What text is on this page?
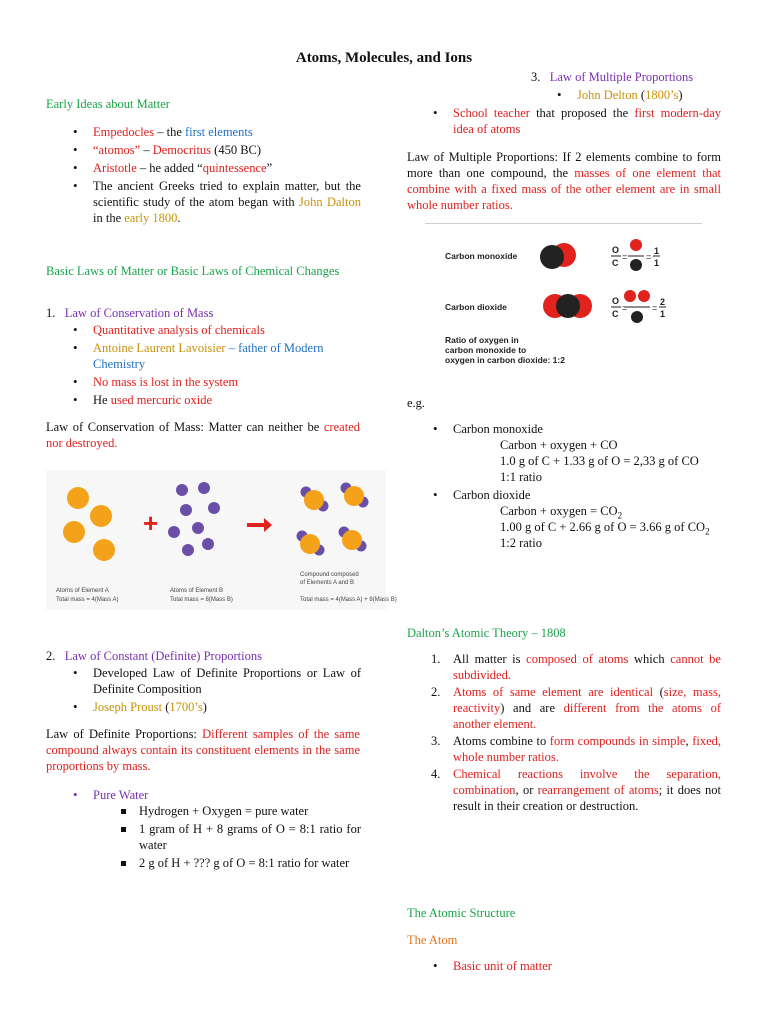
Atoms, Molecules, and Ions
Early Ideas about Matter
• Empedocles – the first elements
• “atomos” – Democritus (450 BC)
• Aristotle – he added “quintessence”
• The ancient Greeks tried to explain matter, but the scientific study of the atom began with John Dalton in the early 1800.
Basic Laws of Matter or Basic Laws of Chemical Changes
1. Law of Conservation of Mass
• Quantitative analysis of chemicals
• Antoine Laurent Lavoisier – father of Modern Chemistry
• No mass is lost in the system
• He used mercuric oxide
Law of Conservation of Mass: Matter can neither be created nor destroyed.
+
Atoms of Element A
Total mass = 4(Mass A)
Atoms of Element B
Total mass = 8(Mass B)
Compound composed
of Elements A and B
Total mass = 4(Mass A) + 8(Mass B)
2. Law of Constant (Definite) Proportions
• Developed Law of Definite Proportions or Law of Definite Composition
• Joseph Proust (1700’s)
Law of Definite Proportions: Different samples of the same compound always contain its constituent elements in the same proportions by mass.
• Pure Water
Hydrogen + Oxygen = pure water
1 gram of H + 8 grams of O = 8:1 ratio for water
2 g of H + ??? g of O = 8:1 ratio for water
3. Law of Multiple Proportions
• John Delton (1800’s)
• School teacher that proposed the first modern-day idea of atoms
Law of Multiple Proportions: If 2 elements combine to form more than one compound, the masses of one element that combine with a fixed mass of the other element are in small whole number ratios.
Carbon monoxide
Carbon dioxide
O
C
= =
1
1
O
C
=	=
2
1
Ratio of oxygen in
carbon monoxide to
oxygen in carbon dioxide: 1:2
e.g.
• Carbon monoxide
Carbon + oxygen + CO
1.0 g of C + 1.33 g of O = 2,33 g of CO
1:1 ratio
• Carbon dioxide
Carbon + oxygen = $CO_2$
1.00 g of C + 2.66 g of O = 3.66 g of $CO_2$
1:2 ratio
Dalton’s Atomic Theory – 1808
1. All matter is composed of atoms which cannot be subdivided.
2. Atoms of same element are identical (size, mass, reactivity) and are different from the atoms of another element.
3. Atoms combine to form compounds in simple, fixed, whole number ratios.
4. Chemical reactions involve the separation, combination, or rearrangement of atoms; it does not result in their creation or destruction.
The Atomic Structure
The Atom
• Basic unit of matter
